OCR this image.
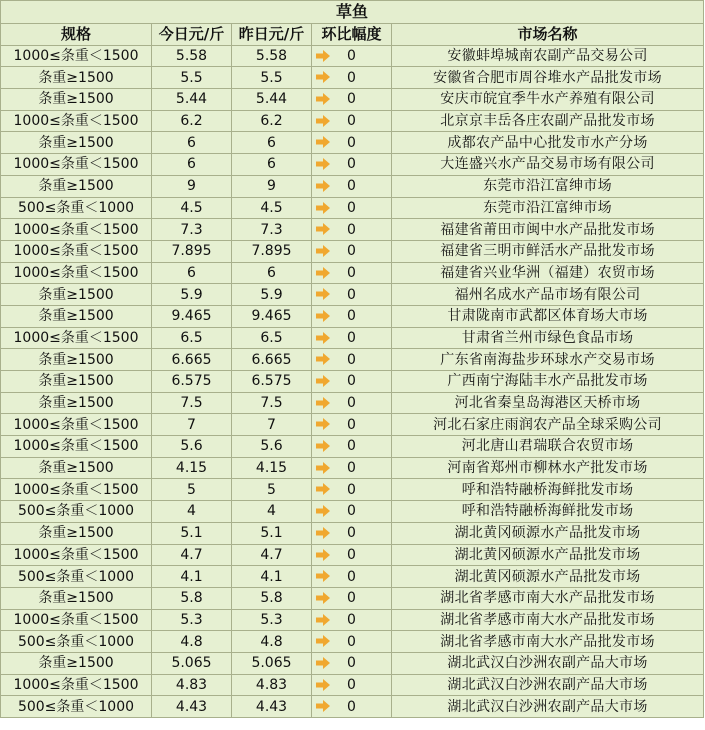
草鱼				
规格	今日元/斤	昨日元/斤	环比幅度	市场名称
1000≤条重＜1500	5.58	5.58	0	安徽蚌埠城南农副产品交易公司
条重≥1500	5.5	5.5	0	安徽省合肥市周谷堆水产品批发市场
条重≥1500	5.44	5.44	0	安庆市皖宜季牛水产养殖有限公司
1000≤条重＜1500	6.2	6.2	0	北京京丰岳各庄农副产品批发市场
条重≥1500	6	6	0	成都农产品中心批发市水产分场
1000≤条重＜1500	6	6	0	大连盛兴水产品交易市场有限公司
条重≥1500	9	9	0	东莞市沿江富绅市场
500≤条重＜1000	4.5	4.5	0	东莞市沿江富绅市场
1000≤条重＜1500	7.3	7.3	0	福建省莆田市闽中水产品批发市场
1000≤条重＜1500	7.895	7.895	0	福建省三明市鲜活水产品批发市场
1000≤条重＜1500	6	6	0	福建省兴业华洲（福建）农贸市场
条重≥1500	5.9	5.9	0	福州名成水产品市场有限公司
条重≥1500	9.465	9.465	0	甘肃陇南市武都区体育场大市场
1000≤条重＜1500	6.5	6.5	0	甘肃省兰州市绿色食品市场
条重≥1500	6.665	6.665	0	广东省南海盐步环球水产交易市场
条重≥1500	6.575	6.575	0	广西南宁海陆丰水产品批发市场
条重≥1500	7.5	7.5	0	河北省秦皇岛海港区天桥市场
1000≤条重＜1500	7	7	0	河北石家庄雨润农产品全球采购公司
1000≤条重＜1500	5.6	5.6	0	河北唐山君瑞联合农贸市场
条重≥1500	4.15	4.15	0	河南省郑州市柳林水产批发市场
1000≤条重＜1500	5	5	0	呼和浩特融桥海鲜批发市场
500≤条重＜1000	4	4	0	呼和浩特融桥海鲜批发市场
条重≥1500	5.1	5.1	0	湖北黄冈硕源水产品批发市场
1000≤条重＜1500	4.7	4.7	0	湖北黄冈硕源水产品批发市场
500≤条重＜1000	4.1	4.1	0	湖北黄冈硕源水产品批发市场
条重≥1500	5.8	5.8	0	湖北省孝感市南大水产品批发市场
1000≤条重＜1500	5.3	5.3	0	湖北省孝感市南大水产品批发市场
500≤条重＜1000	4.8	4.8	0	湖北省孝感市南大水产品批发市场
条重≥1500	5.065	5.065	0	湖北武汉白沙洲农副产品大市场
1000≤条重＜1500	4.83	4.83	0	湖北武汉白沙洲农副产品大市场
500≤条重＜1000	4.43	4.43	0	湖北武汉白沙洲农副产品大市场
